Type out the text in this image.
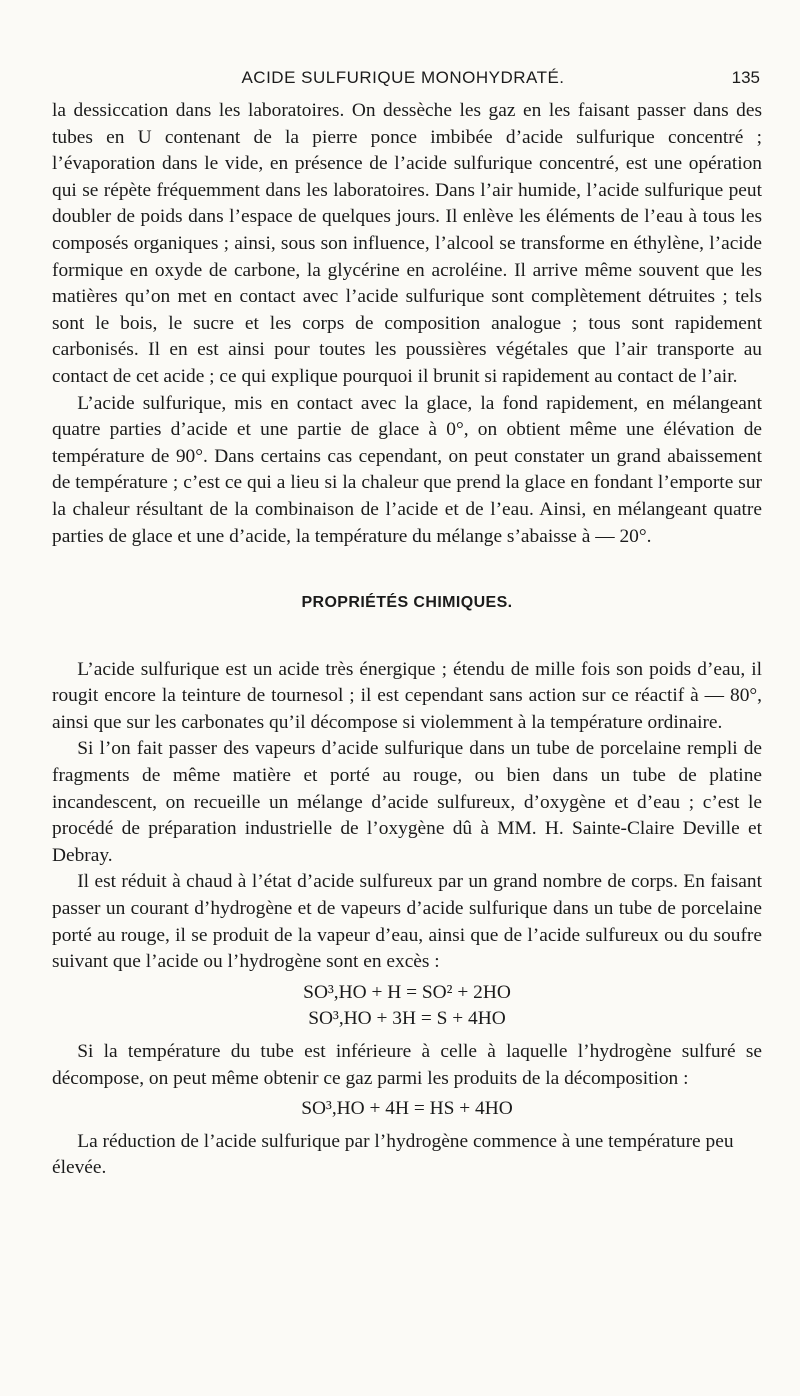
ACIDE SULFURIQUE MONOHYDRATÉ.	135

la dessiccation dans les laboratoires. On dessèche les gaz en les faisant passer dans des tubes en U contenant de la pierre ponce imbibée d’acide sulfurique concentré ; l’évaporation dans le vide, en présence de l’acide sulfurique concentré, est une opération qui se répète fréquemment dans les laboratoires. Dans l’air humide, l’acide sulfurique peut doubler de poids dans l’espace de quelques jours. Il enlève les éléments de l’eau à tous les composés organiques ; ainsi, sous son influence, l’alcool se transforme en éthylène, l’acide formique en oxyde de carbone, la glycérine en acroléine. Il arrive même souvent que les matières qu’on met en contact avec l’acide sulfurique sont complètement détruites ; tels sont le bois, le sucre et les corps de composition analogue ; tous sont rapidement carbonisés. Il en est ainsi pour toutes les poussières végétales que l’air transporte au contact de cet acide ; ce qui explique pourquoi il brunit si rapidement au contact de l’air.

L’acide sulfurique, mis en contact avec la glace, la fond rapidement, en mélangeant quatre parties d’acide et une partie de glace à 0°, on obtient même une élévation de température de 90°. Dans certains cas cependant, on peut constater un grand abaissement de température ; c’est ce qui a lieu si la chaleur que prend la glace en fondant l’emporte sur la chaleur résultant de la combinaison de l’acide et de l’eau. Ainsi, en mélangeant quatre parties de glace et une d’acide, la température du mélange s’abaisse à — 20°.

PROPRIÉTÉS CHIMIQUES.

L’acide sulfurique est un acide très énergique ; étendu de mille fois son poids d’eau, il rougit encore la teinture de tournesol ; il est cependant sans action sur ce réactif à — 80°, ainsi que sur les carbonates qu’il décompose si violemment à la température ordinaire.

Si l’on fait passer des vapeurs d’acide sulfurique dans un tube de porcelaine rempli de fragments de même matière et porté au rouge, ou bien dans un tube de platine incandescent, on recueille un mélange d’acide sulfureux, d’oxygène et d’eau ; c’est le procédé de préparation industrielle de l’oxygène dû à MM. H. Sainte-Claire Deville et Debray.

Il est réduit à chaud à l’état d’acide sulfureux par un grand nombre de corps. En faisant passer un courant d’hydrogène et de vapeurs d’acide sulfurique dans un tube de porcelaine porté au rouge, il se produit de la vapeur d’eau, ainsi que de l’acide sulfureux ou du soufre suivant que l’acide ou l’hydrogène sont en excès :

SO³,HO + H = SO² + 2HO

SO³,HO + 3H = S + 4HO

Si la température du tube est inférieure à celle à laquelle l’hydrogène sulfuré se décompose, on peut même obtenir ce gaz parmi les produits de la décomposition :

SO³,HO + 4H = HS + 4HO

La réduction de l’acide sulfurique par l’hydrogène commence à une température peu élevée.
